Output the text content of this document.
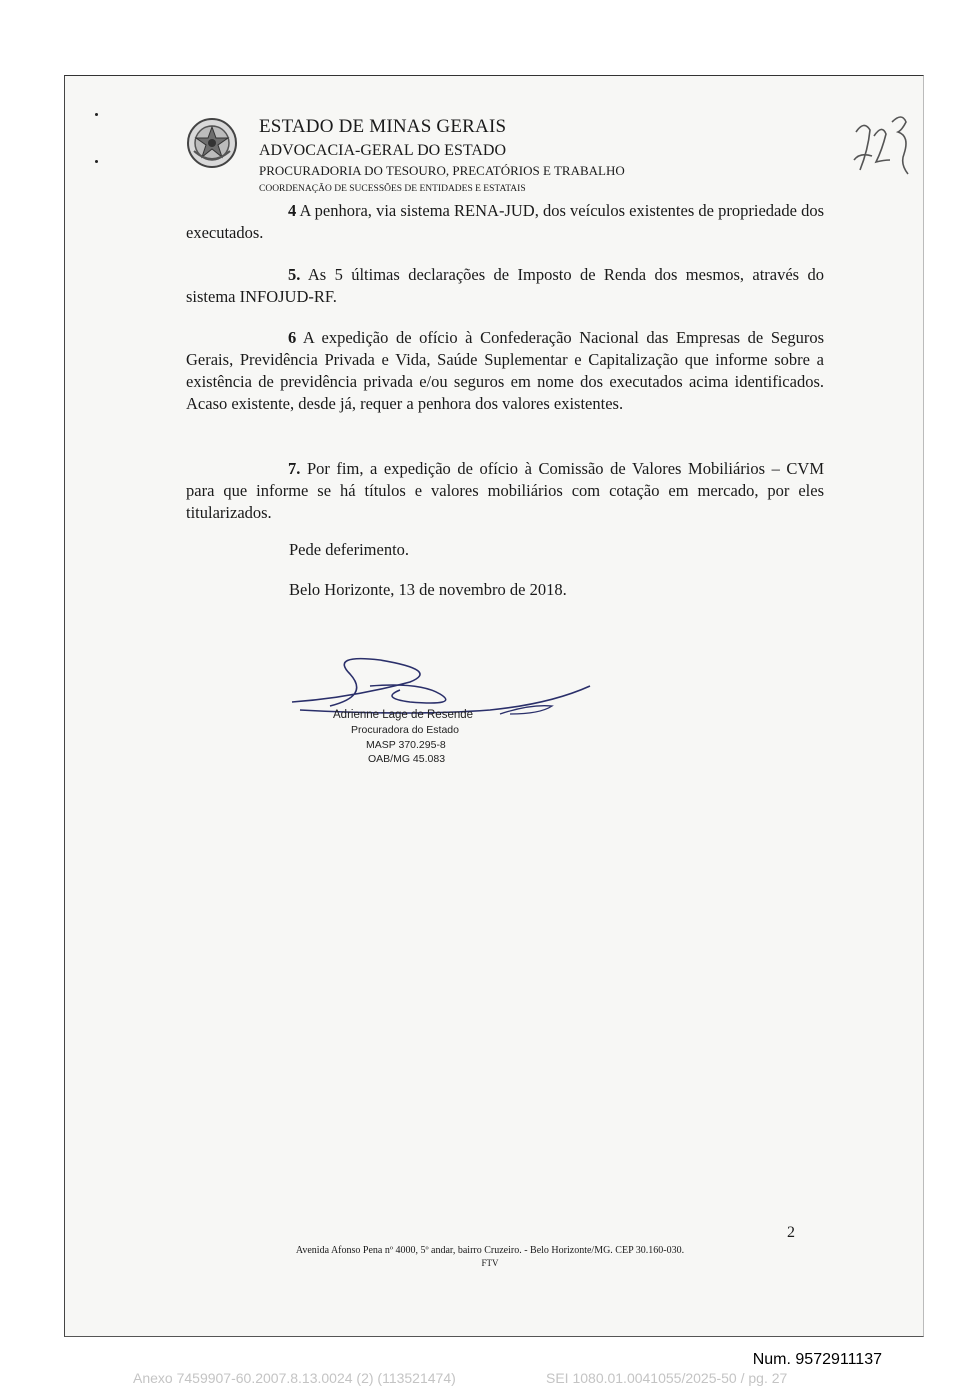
ESTADO DE MINAS GERAIS
ADVOCACIA-GERAL DO ESTADO
PROCURADORIA DO TESOURO, PRECATÓRIOS E TRABALHO
COORDENAÇÃO DE SUCESSÕES DE ENTIDADES E ESTATAIS

4 A penhora, via sistema RENA-JUD, dos veículos existentes de propriedade dos executados.

5. As 5 últimas declarações de Imposto de Renda dos mesmos, através do sistema INFOJUD-RF.

6 A expedição de ofício à Confederação Nacional das Empresas de Seguros Gerais, Previdência Privada e Vida, Saúde Suplementar e Capitalização que informe sobre a existência de previdência privada e/ou seguros em nome dos executados acima identificados. Acaso existente, desde já, requer a penhora dos valores existentes.

7. Por fim, a expedição de ofício à Comissão de Valores Mobiliários – CVM para que informe se há títulos e valores mobiliários com cotação em mercado, por eles titularizados.

Pede deferimento.
Belo Horizonte, 13 de novembro de 2018.
Adrienne Lage de Resende
Procuradora do Estado
MASP 370.295-8
OAB/MG 45.083
2
Avenida Afonso Pena nº 4000, 5º andar, bairro Cruzeiro. - Belo Horizonte/MG. CEP 30.160-030.
FTV
Num. 9572911137
Anexo 7459907-60.2007.8.13.0024 (2) (113521474)	SEI 1080.01.0041055/2025-50 / pg. 27
